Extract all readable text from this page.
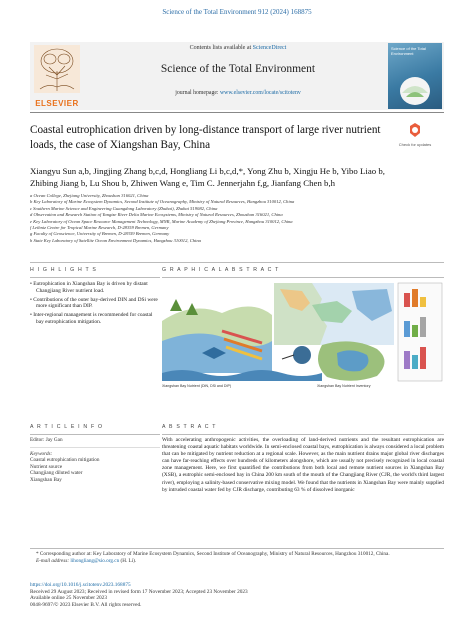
Science of the Total Environment 912 (2024) 168875
ELSEVIER
Contents lists available at ScienceDirect
Science of the Total Environment
journal homepage: www.elsevier.com/locate/scitotenv
Science of the Total Environment
Coastal eutrophication driven by long-distance transport of large river nutrient loads, the case of Xiangshan Bay, China	Check for updates
Xiangyu Sun a,b, Jingjing Zhang b,c,d, Hongliang Li b,c,d,*, Yong Zhu b, Xingju He b, Yibo Liao b,
Zhibing Jiang b, Lu Shou b, Zhiwen Wang e, Tim C. Jennerjahn f,g, Jianfang Chen b,h
a Ocean College, Zhejiang University, Zhoushan 316021, China
b Key Laboratory of Marine Ecosystem Dynamics, Second Institute of Oceanography, Ministry of Natural Resources, Hangzhou 310012, China
c Southern Marine Science and Engineering Guangdong Laboratory (Zhuhai), Zhuhai 519082, China
d Observation and Research Station of Yangtze River Delta Marine Ecosystems, Ministry of Natural Resources, Zhoushan 316021, China
e Key Laboratory of Ocean Space Resource Management Technology, MNR, Marine Academy of Zhejiang Province, Hangzhou 310012, China
f Leibniz Centre for Tropical Marine Research, D-28359 Bremen, Germany
g Faculty of Geoscience, University of Bremen, D-28359 Bremen, Germany
h State Key Laboratory of Satellite Ocean Environment Dynamics, Hangzhou 310012, China
H I G H L I G H T S
• Eutrophication in Xiangshan Bay is driven by distant Changjiang River nutrient load.
• Contributions of the outer bay-derived DIN and DSi were more significant than DIP.
• Inter-regional management is recommended for coastal bay eutrophication mitigation.
G R A P H I C A L A B S T R A C T
Xiangshan Bay Nutrient (DIN, DSi and DIP)	Xiangshan Bay Nutrient Inventory
A R T I C L E I N F O
Editor: Jay Gan
Keywords:
Coastal eutrophication mitigation
Nutrient source
Changjiang diluted water
Xiangshan Bay
A B S T R A C T
With accelerating anthropogenic activities, the overloading of land-derived nutrients and the resultant eutrophication are threatening coastal aquatic habitats worldwide. In semi-enclosed coastal bays, eutrophication is always considered a local problem that can be mitigated by nutrient reduction at a regional scale. However, as the main nutrient drains major global river discharges can have far-reaching effects over hundreds of kilometers alongshore, which are usually not precisely recognized in local coastal zone management. Here, we first quantified the contributions from both local and remote nutrient sources in Xiangshan Bay (XSB), a eutrophic semi-enclosed bay in China 200 km south of the mouth of the Changjiang River (CJR, the world's third largest river), employing a salinity-based conservative mixing model. We found that the nutrients in Xiangshan Bay were mainly supplied by intruded coastal water fed by CJR discharge, contributing 63 % of dissolved inorganic
* Corresponding author at: Key Laboratory of Marine Ecosystem Dynamics, Second Institute of Oceanography, Ministry of Natural Resources, Hangzhou 310012, China.
E-mail address: lihongliang@sio.org.cn (H. Li).
https://doi.org/10.1016/j.scitotenv.2023.168875
Received 29 August 2023; Received in revised form 17 November 2023; Accepted 23 November 2023
Available online 25 November 2023
0048-9697/© 2023 Elsevier B.V. All rights reserved.
